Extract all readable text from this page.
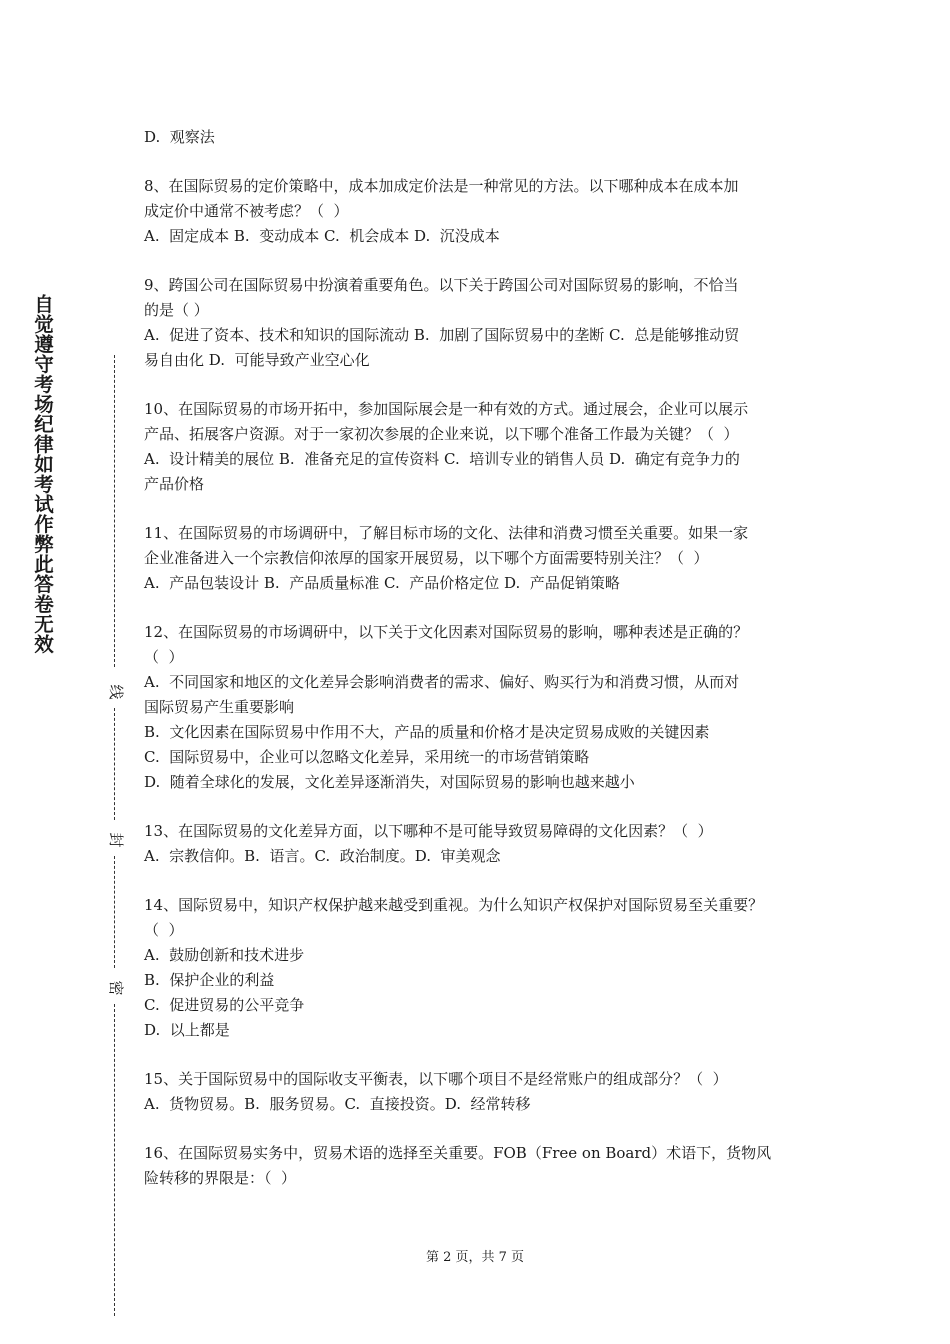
自觉遵守考场纪律如考试作弊此答卷无效
线
封
密

D.  观察法

8、在国际贸易的定价策略中，成本加成定价法是一种常见的方法。以下哪种成本在成本加

成定价中通常不被考虑？（  ）

A.  固定成本 B.  变动成本 C.  机会成本 D.  沉没成本

9、跨国公司在国际贸易中扮演着重要角色。以下关于跨国公司对国际贸易的影响，不恰当

的是（ ）

A.  促进了资本、技术和知识的国际流动 B.  加剧了国际贸易中的垄断 C.  总是能够推动贸

易自由化 D.  可能导致产业空心化

10、在国际贸易的市场开拓中，参加国际展会是一种有效的方式。通过展会，企业可以展示

产品、拓展客户资源。对于一家初次参展的企业来说，以下哪个准备工作最为关键？（  ）

A.  设计精美的展位 B.  准备充足的宣传资料 C.  培训专业的销售人员 D.  确定有竞争力的

产品价格

11、在国际贸易的市场调研中，了解目标市场的文化、法律和消费习惯至关重要。如果一家

企业准备进入一个宗教信仰浓厚的国家开展贸易，以下哪个方面需要特别关注？（  ）

A.  产品包装设计 B.  产品质量标准 C.  产品价格定位 D.  产品促销策略

12、在国际贸易的市场调研中，以下关于文化因素对国际贸易的影响，哪种表述是正确的？

（  ）

A.  不同国家和地区的文化差异会影响消费者的需求、偏好、购买行为和消费习惯，从而对

国际贸易产生重要影响

B.  文化因素在国际贸易中作用不大，产品的质量和价格才是决定贸易成败的关键因素

C.  国际贸易中，企业可以忽略文化差异，采用统一的市场营销策略

D.  随着全球化的发展，文化差异逐渐消失，对国际贸易的影响也越来越小

13、在国际贸易的文化差异方面，以下哪种不是可能导致贸易障碍的文化因素？（  ）

A.  宗教信仰。B.  语言。C.  政治制度。D.  审美观念

14、国际贸易中，知识产权保护越来越受到重视。为什么知识产权保护对国际贸易至关重要？

（  ）

A.  鼓励创新和技术进步

B.  保护企业的利益

C.  促进贸易的公平竞争

D.  以上都是

15、关于国际贸易中的国际收支平衡表，以下哪个项目不是经常账户的组成部分？（  ）

A.  货物贸易。B.  服务贸易。C.  直接投资。D.  经常转移

16、在国际贸易实务中，贸易术语的选择至关重要。FOB（Free on Board）术语下，货物风

险转移的界限是：（  ）

第 2 页，共 7 页
